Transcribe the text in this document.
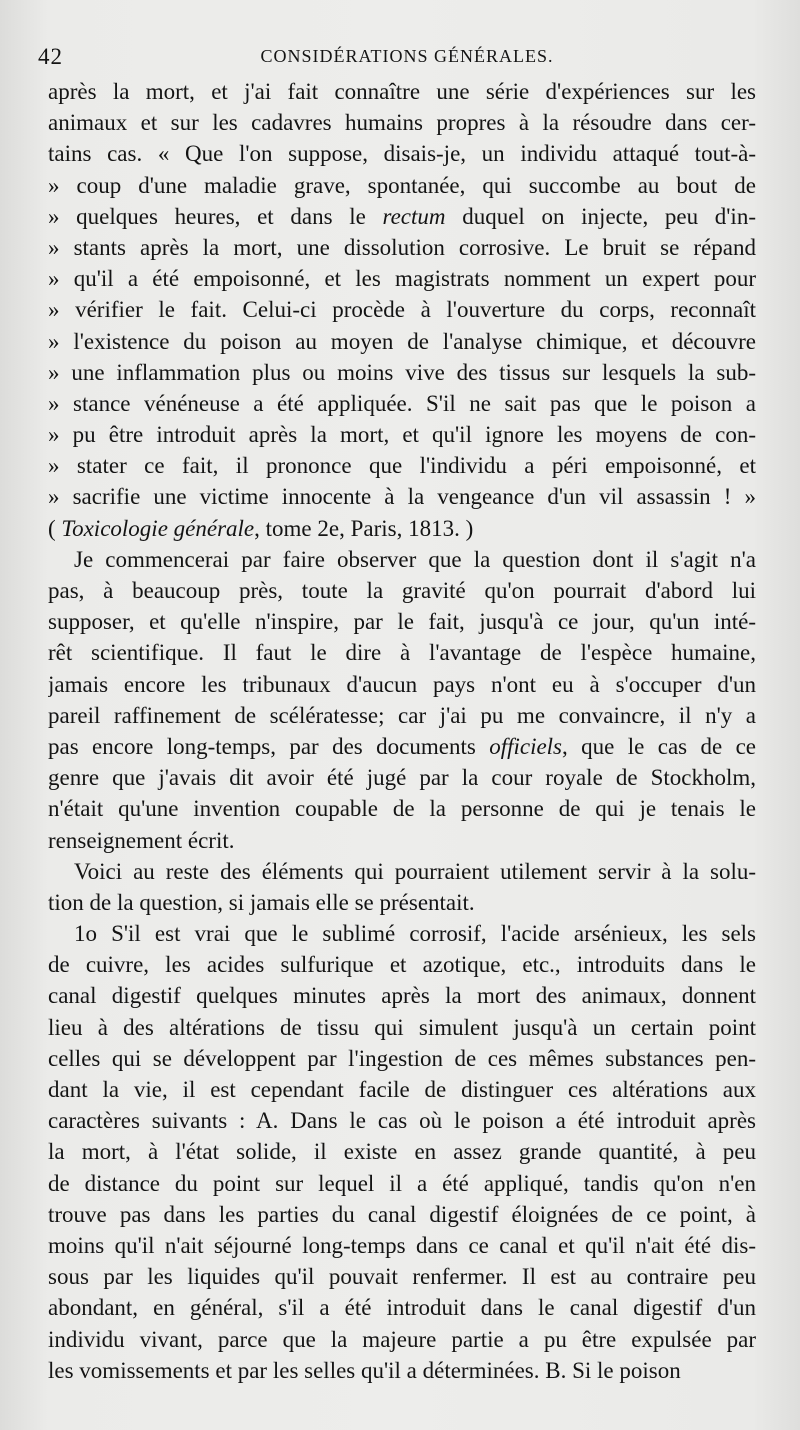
42	CONSIDÉRATIONS GÉNÉRALES.
après la mort, et j'ai fait connaître une série d'expériences sur les
animaux et sur les cadavres humains propres à la résoudre dans cer-
tains cas. « Que l'on suppose, disais-je, un individu attaqué tout-à-
» coup d'une maladie grave, spontanée, qui succombe au bout de
» quelques heures, et dans le rectum duquel on injecte, peu d'in-
» stants après la mort, une dissolution corrosive. Le bruit se répand
» qu'il a été empoisonné, et les magistrats nomment un expert pour
» vérifier le fait. Celui-ci procède à l'ouverture du corps, reconnaît
» l'existence du poison au moyen de l'analyse chimique, et découvre
» une inflammation plus ou moins vive des tissus sur lesquels la sub-
» stance vénéneuse a été appliquée. S'il ne sait pas que le poison a
» pu être introduit après la mort, et qu'il ignore les moyens de con-
» stater ce fait, il prononce que l'individu a péri empoisonné, et
» sacrifie une victime innocente à la vengeance d'un vil assassin ! »
( Toxicologie générale, tome 2e, Paris, 1813. )
Je commencerai par faire observer que la question dont il s'agit n'a
pas, à beaucoup près, toute la gravité qu'on pourrait d'abord lui
supposer, et qu'elle n'inspire, par le fait, jusqu'à ce jour, qu'un inté-
rêt scientifique. Il faut le dire à l'avantage de l'espèce humaine,
jamais encore les tribunaux d'aucun pays n'ont eu à s'occuper d'un
pareil raffinement de scélératesse; car j'ai pu me convaincre, il n'y a
pas encore long-temps, par des documents officiels, que le cas de ce
genre que j'avais dit avoir été jugé par la cour royale de Stockholm,
n'était qu'une invention coupable de la personne de qui je tenais le
renseignement écrit.
Voici au reste des éléments qui pourraient utilement servir à la solu-
tion de la question, si jamais elle se présentait.
1o S'il est vrai que le sublimé corrosif, l'acide arsénieux, les sels
de cuivre, les acides sulfurique et azotique, etc., introduits dans le
canal digestif quelques minutes après la mort des animaux, donnent
lieu à des altérations de tissu qui simulent jusqu'à un certain point
celles qui se développent par l'ingestion de ces mêmes substances pen-
dant la vie, il est cependant facile de distinguer ces altérations aux
caractères suivants : A. Dans le cas où le poison a été introduit après
la mort, à l'état solide, il existe en assez grande quantité, à peu
de distance du point sur lequel il a été appliqué, tandis qu'on n'en
trouve pas dans les parties du canal digestif éloignées de ce point, à
moins qu'il n'ait séjourné long-temps dans ce canal et qu'il n'ait été dis-
sous par les liquides qu'il pouvait renfermer. Il est au contraire peu
abondant, en général, s'il a été introduit dans le canal digestif d'un
individu vivant, parce que la majeure partie a pu être expulsée par
les vomissements et par les selles qu'il a déterminées. B. Si le poison
